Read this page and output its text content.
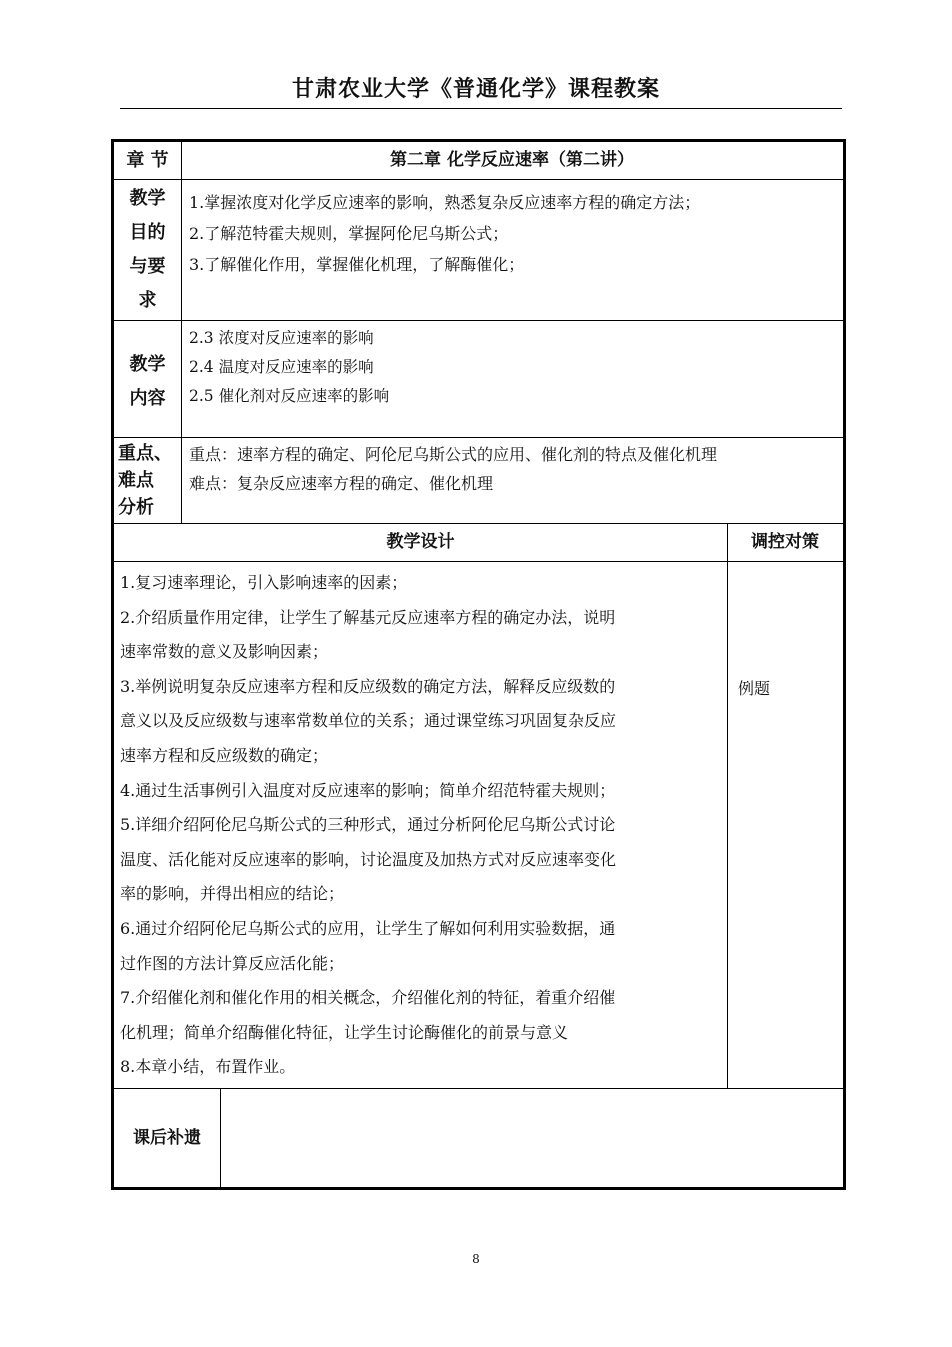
甘肃农业大学《普通化学》课程教案
章 节	第二章 化学反应速率（第二讲）
教学
目的
与要
求
1.掌握浓度对化学反应速率的影响，熟悉复杂反应速率方程的确定方法；
2.了解范特霍夫规则，掌握阿伦尼乌斯公式；
3.了解催化作用，掌握催化机理，了解酶催化；
教学
内容
2.3 浓度对反应速率的影响
2.4 温度对反应速率的影响
2.5 催化剂对反应速率的影响
重点、
难点
分析
重点：速率方程的确定、阿伦尼乌斯公式的应用、催化剂的特点及催化机理
难点：复杂反应速率方程的确定、催化机理
教学设计	调控对策
1.复习速率理论，引入影响速率的因素；
2.介绍质量作用定律，让学生了解基元反应速率方程的确定办法，说明
速率常数的意义及影响因素；
3.举例说明复杂反应速率方程和反应级数的确定方法，解释反应级数的
意义以及反应级数与速率常数单位的关系；通过课堂练习巩固复杂反应
速率方程和反应级数的确定；
4.通过生活事例引入温度对反应速率的影响；简单介绍范特霍夫规则；
5.详细介绍阿伦尼乌斯公式的三种形式，通过分析阿伦尼乌斯公式讨论
温度、活化能对反应速率的影响，讨论温度及加热方式对反应速率变化
率的影响，并得出相应的结论；
6.通过介绍阿伦尼乌斯公式的应用，让学生了解如何利用实验数据，通
过作图的方法计算反应活化能；
7.介绍催化剂和催化作用的相关概念，介绍催化剂的特征，着重介绍催
化机理；简单介绍酶催化特征，让学生讨论酶催化的前景与意义
8.本章小结，布置作业。
例题
课后补遗
8
